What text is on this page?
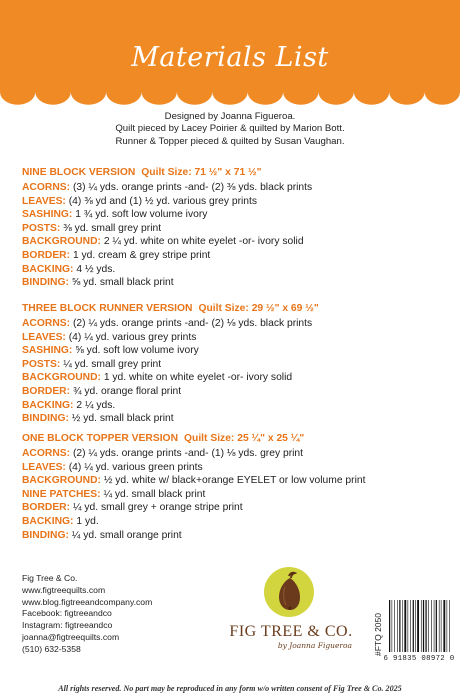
Materials List
Designed by Joanna Figueroa.
Quilt pieced by Lacey Poirier & quilted by Marion Bott.
Runner & Topper pieced & quilted by Susan Vaughan.
NINE BLOCK VERSION Quilt Size: 71 ½" x 71 ½"
ACORNS: (3) ¼ yds. orange prints -and- (2) ⅜ yds. black prints
LEAVES: (4) ⅜ yd and (1) ½ yd. various grey prints
SASHING: 1 ¾ yd. soft low volume ivory
POSTS: ⅜ yd. small grey print
BACKGROUND: 2 ¼ yd. white on white eyelet -or- ivory solid
BORDER: 1 yd. cream & grey stripe print
BACKING: 4 ½ yds.
BINDING: ⅝ yd. small black print
THREE BLOCK RUNNER VERSION Quilt Size: 29 ½" x 69 ½"
ACORNS: (2) ¼ yds. orange prints -and- (2) ⅛ yds. black prints
LEAVES: (4) ¼ yd. various grey prints
SASHING: ⅝ yd. soft low volume ivory
POSTS: ¼ yd. small grey print
BACKGROUND: 1 yd. white on white eyelet -or- ivory solid
BORDER: ¾ yd. orange floral print
BACKING: 2 ¼ yds.
BINDING: ½ yd. small black print
ONE BLOCK TOPPER VERSION Quilt Size: 25 ¼" x 25 ¼"
ACORNS: (2) ¼ yds. orange prints -and- (1) ⅛ yds. grey print
LEAVES: (4) ¼ yd. various green prints
BACKGROUND: ½ yd. white w/ black+orange EYELET or low volume print
NINE PATCHES: ¼ yd. small black print
BORDER: ¼ yd. small grey + orange stripe print
BACKING: 1 yd.
BINDING: ¼ yd. small orange print
Fig Tree & Co.
www.figtreequilts.com
www.blog.figtreeandcompany.com
Facebook: figtreeandco
Instagram: figtreeandco
joanna@figtreequilts.com
(510) 632-5358
FIG TREE & CO.
by Joanna Figueroa #FTQ 2050
6 91835 08972 0
All rights reserved. No part may be reproduced in any form w/o written consent of Fig Tree & Co. 2025
